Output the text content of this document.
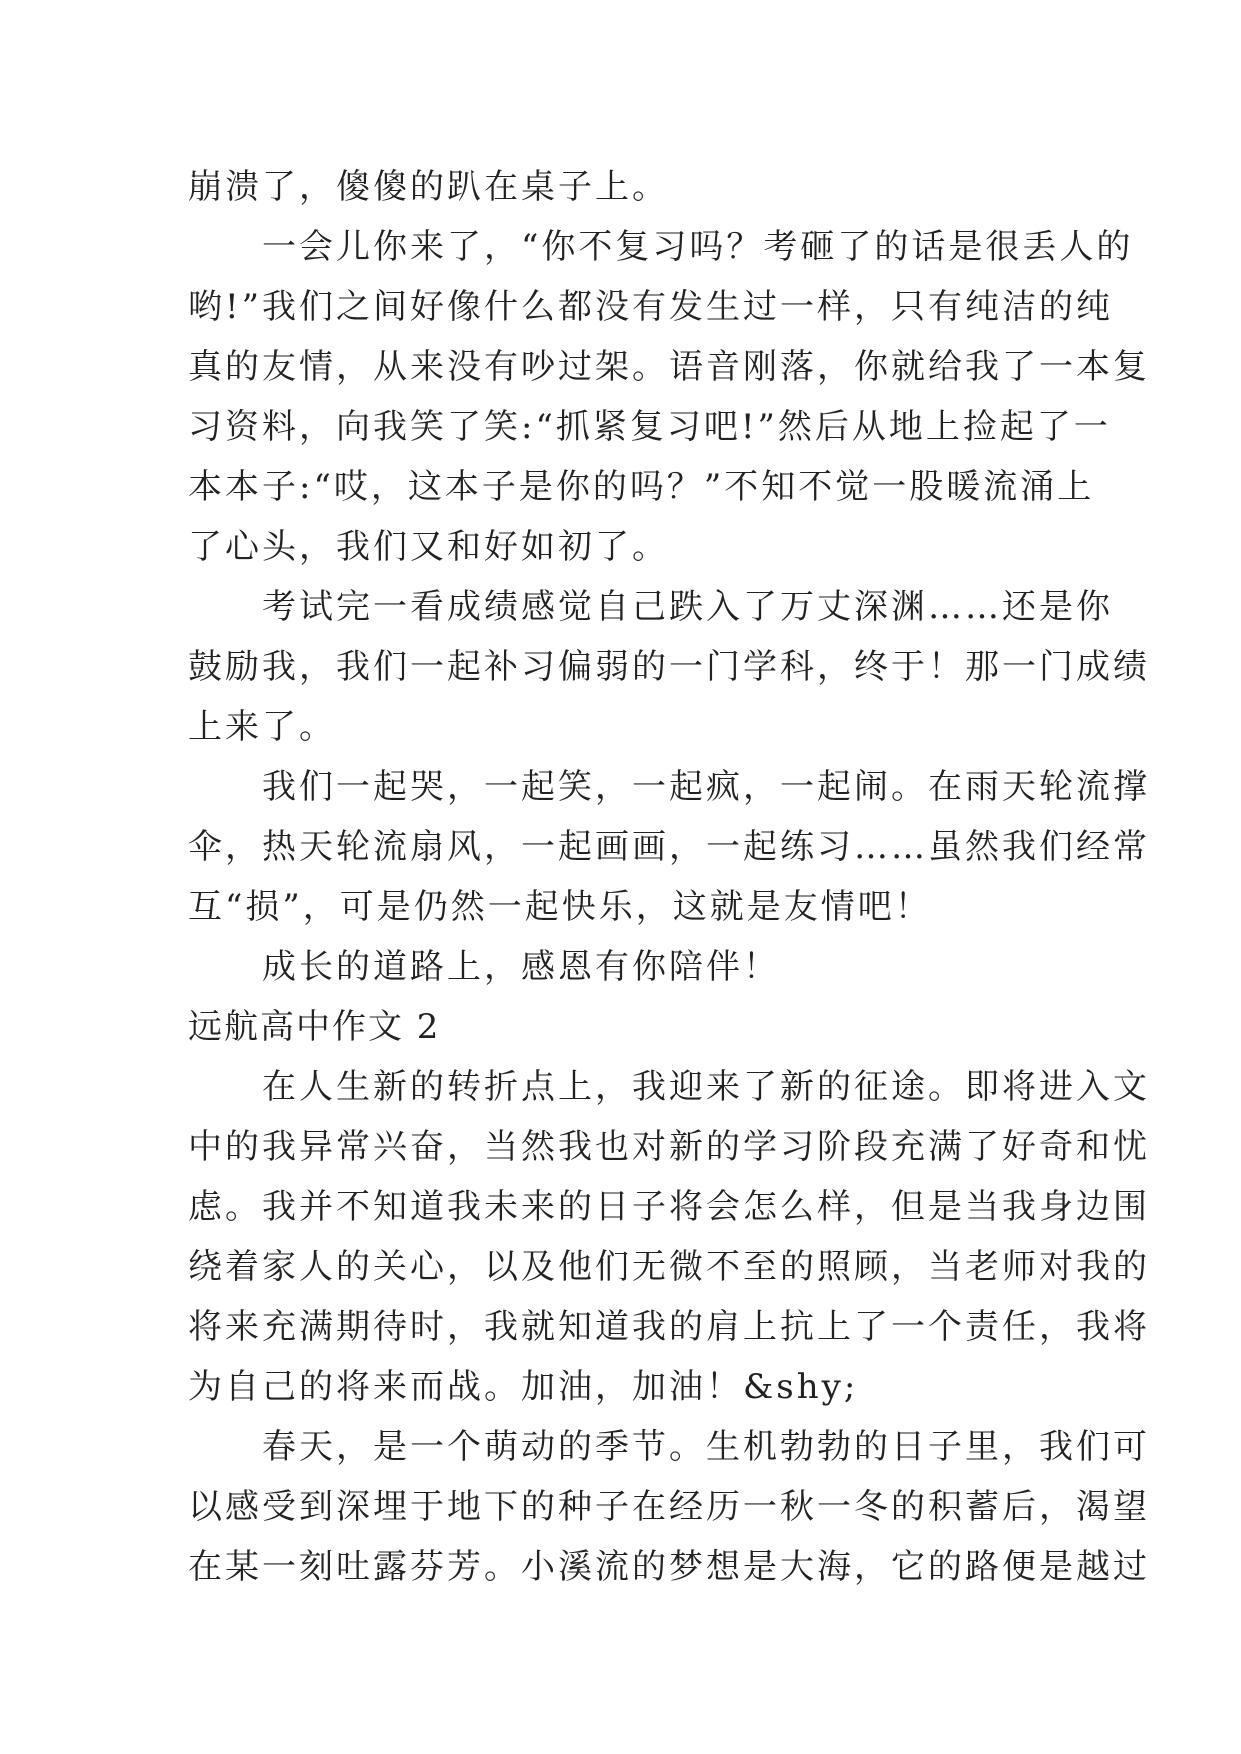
崩溃了，傻傻的趴在桌子上。

　　一会儿你来了，“你不复习吗？考砸了的话是很丢人的

哟!”我们之间好像什么都没有发生过一样，只有纯洁的纯

真的友情，从来没有吵过架。语音刚落，你就给我了一本复

习资料，向我笑了笑:“抓紧复习吧!”然后从地上捡起了一

本本子:“哎，这本子是你的吗？”不知不觉一股暖流涌上

了心头，我们又和好如初了。

　　考试完一看成绩感觉自己跌入了万丈深渊……还是你

鼓励我，我们一起补习偏弱的一门学科，终于！那一门成绩

上来了。

　　我们一起哭，一起笑，一起疯，一起闹。在雨天轮流撑

伞，热天轮流扇风，一起画画，一起练习……虽然我们经常

互“损”，可是仍然一起快乐，这就是友情吧！

　　成长的道路上，感恩有你陪伴！

远航高中作文 2

　　在人生新的转折点上，我迎来了新的征途。即将进入文

中的我异常兴奋，当然我也对新的学习阶段充满了好奇和忧

虑。我并不知道我未来的日子将会怎么样，但是当我身边围

绕着家人的关心，以及他们无微不至的照顾，当老师对我的

将来充满期待时，我就知道我的肩上抗上了一个责任，我将

为自己的将来而战。加油，加油！&shy;

　　春天，是一个萌动的季节。生机勃勃的日子里，我们可

以感受到深埋于地下的种子在经历一秋一冬的积蓄后，渴望

在某一刻吐露芬芳。小溪流的梦想是大海，它的路便是越过
